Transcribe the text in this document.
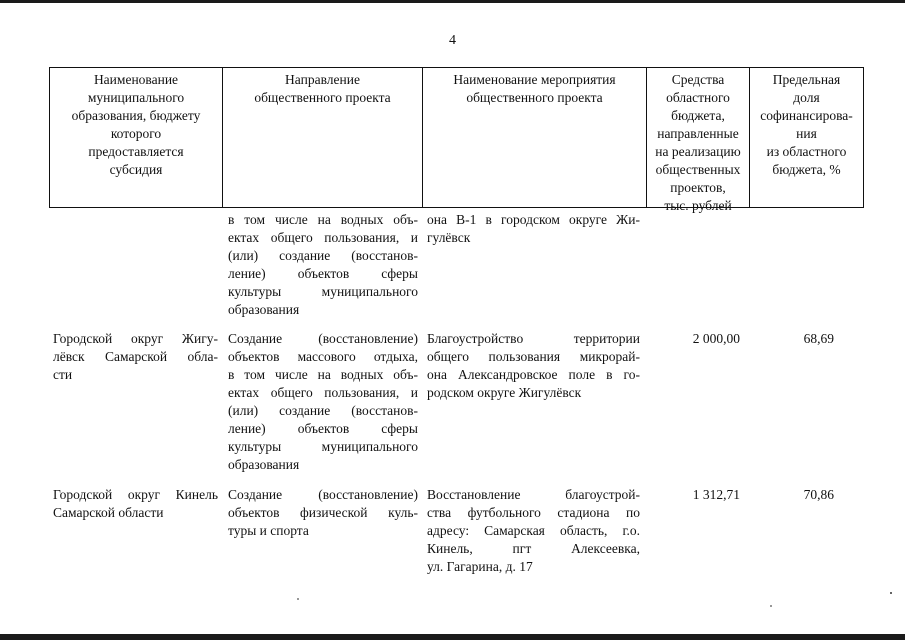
4
Наименование
муниципального
образования, бюджету
которого
предоставляется
субсидия
Направление
общественного проекта
Наименование мероприятия
общественного проекта
Средства
областного
бюджета,
направленные
на реализацию
общественных
проектов,
тыс. рублей
Предельная
доля
софинансирова-
ния
из областного
бюджета, %
в том числе на водных объ-
ектах общего пользования, и
(или) создание (восстанов-
ление) объектов сферы
культуры муниципального
образования
она В-1 в городском округе Жи-
гулёвск
Городской округ Жигу-
лёвск Самарской обла-
сти
Создание (восстановление)
объектов массового отдыха,
в том числе на водных объ-
ектах общего пользования, и
(или) создание (восстанов-
ление) объектов сферы
культуры муниципального
образования
Благоустройство территории
общего пользования микрорай-
она Александровское поле в го-
родском округе Жигулёвск
2 000,00	68,69
Городской округ Кинель
Самарской области
Создание (восстановление)
объектов физической куль-
туры и спорта
Восстановление благоустрой-
ства футбольного стадиона по
адресу: Самарская область, г.о.
Кинель, пгт Алексеевка,
ул. Гагарина, д. 17
1 312,71	70,86
